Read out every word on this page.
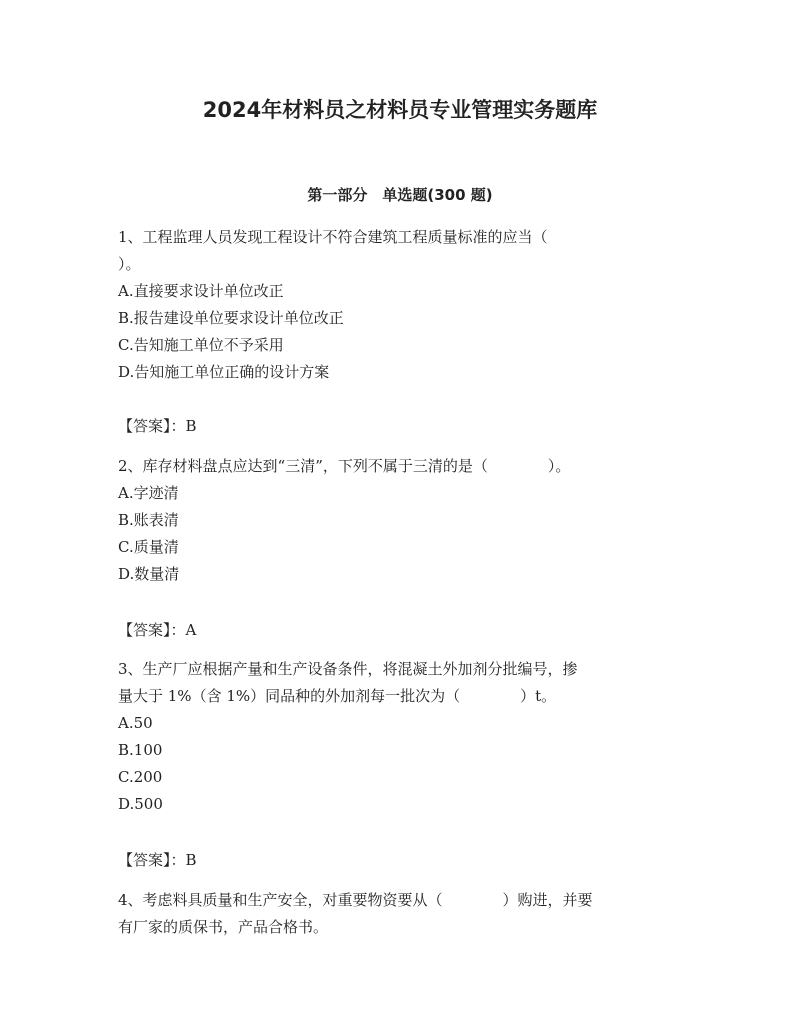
2024年材料员之材料员专业管理实务题库
第一部分　单选题(300 题)
1、工程监理人员发现工程设计不符合建筑工程质量标准的应当（
）。
A.直接要求设计单位改正
B.报告建设单位要求设计单位改正
C.告知施工单位不予采用
D.告知施工单位正确的设计方案
【答案】：B
2、库存材料盘点应达到“三清”，下列不属于三清的是（　　　　）。
A.字迹清
B.账表清
C.质量清
D.数量清
【答案】：A
3、生产厂应根据产量和生产设备条件，将混凝土外加剂分批编号，掺
量大于 1%（含 1%）同品种的外加剂每一批次为（　　　　）t。
A.50
B.100
C.200
D.500
【答案】：B
4、考虑料具质量和生产安全，对重要物资要从（　　　　）购进，并要
有厂家的质保书，产品合格书。
